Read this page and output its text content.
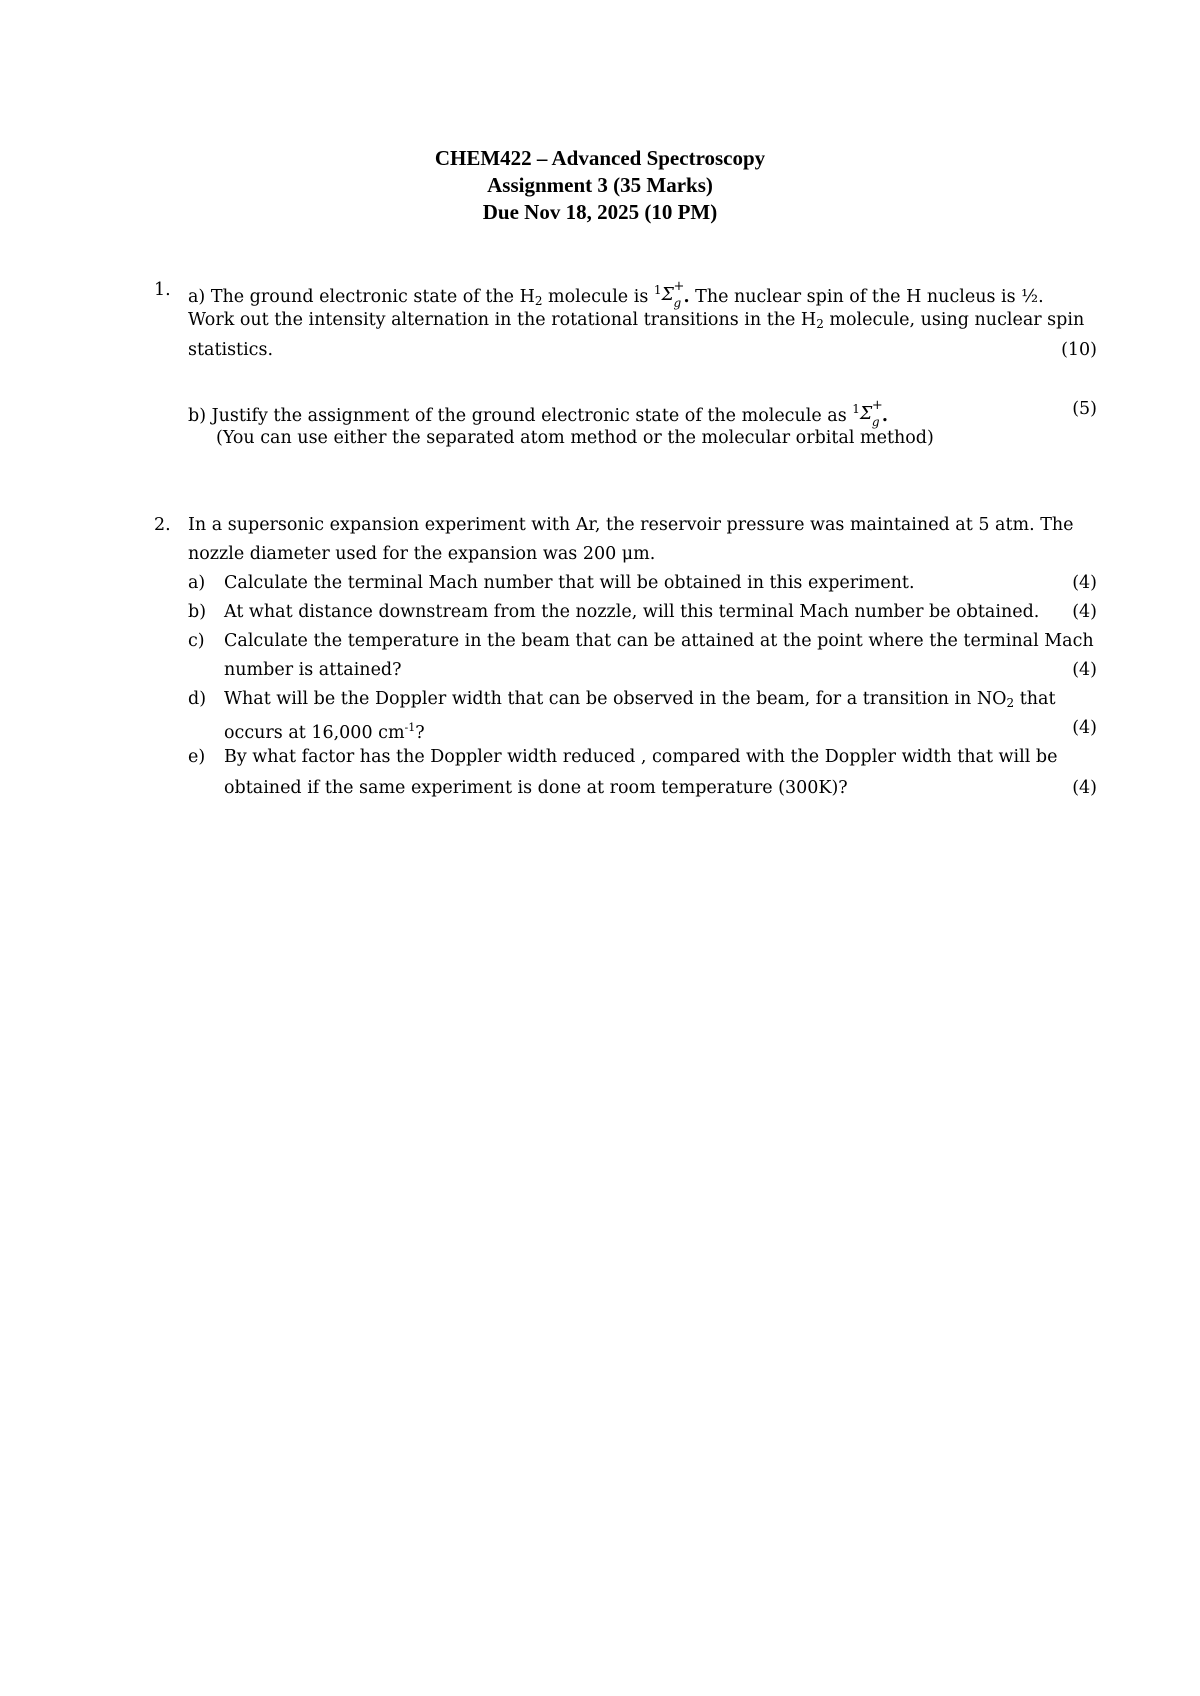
CHEM422 – Advanced Spectroscopy
Assignment 3 (35 Marks)
Due Nov 18, 2025 (10 PM)
1. a) The ground electronic state of the $H_2$ molecule is $^1$ Σ +
g . The nuclear spin of the H nucleus is ½.
Work out the intensity alternation in the rotational transitions in the $H_2$ molecule, using nuclear spin
statistics.	(10)
b) Justify the assignment of the ground electronic state of the molecule as $^1$ Σ +
g .	(5)
(You can use either the separated atom method or the molecular orbital method)
2. In a supersonic expansion experiment with Ar, the reservoir pressure was maintained at 5 atm. The
nozzle diameter used for the expansion was 200 μm.
a) Calculate the terminal Mach number that will be obtained in this experiment.	(4)
b) At what distance downstream from the nozzle, will this terminal Mach number be obtained. (4)
c) Calculate the temperature in the beam that can be attained at the point where the terminal Mach
number is attained?	(4)
d) What will be the Doppler width that can be observed in the beam, for a transition in $NO_2$ that
occurs at 16,000 $cm^{-1}$?	(4)
e) By what factor has the Doppler width reduced , compared with the Doppler width that will be
obtained if the same experiment is done at room temperature (300K)?	(4)
